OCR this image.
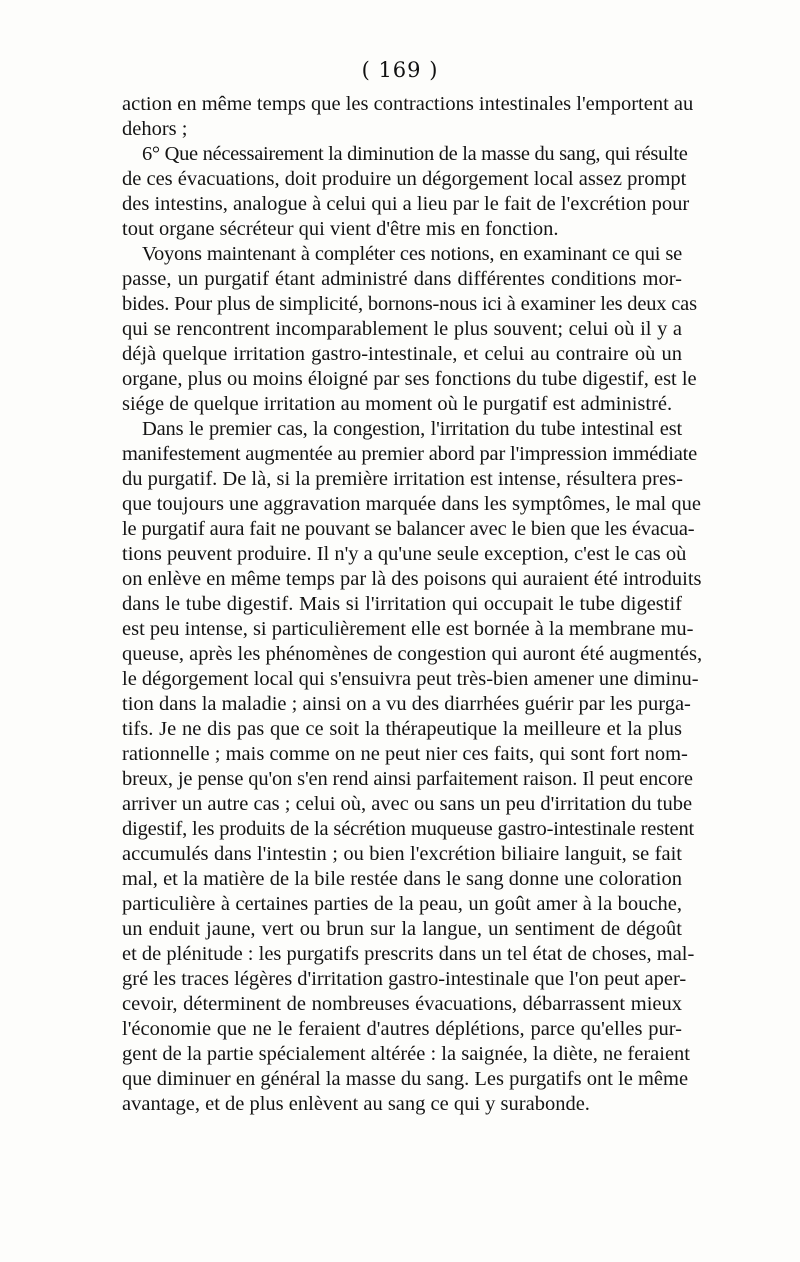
( 169 )
action en même temps que les contractions intestinales l'emportent au
dehors ;
6° Que nécessairement la diminution de la masse du sang, qui résulte
de ces évacuations, doit produire un dégorgement local assez prompt
des intestins, analogue à celui qui a lieu par le fait de l'excrétion pour
tout organe sécréteur qui vient d'être mis en fonction.
Voyons maintenant à compléter ces notions, en examinant ce qui se
passe, un purgatif étant administré dans différentes conditions mor-
bides. Pour plus de simplicité, bornons-nous ici à examiner les deux cas
qui se rencontrent incomparablement le plus souvent; celui où il y a
déjà quelque irritation gastro-intestinale, et celui au contraire où un
organe, plus ou moins éloigné par ses fonctions du tube digestif, est le
siége de quelque irritation au moment où le purgatif est administré.
Dans le premier cas, la congestion, l'irritation du tube intestinal est
manifestement augmentée au premier abord par l'impression immédiate
du purgatif. De là, si la première irritation est intense, résultera pres-
que toujours une aggravation marquée dans les symptômes, le mal que
le purgatif aura fait ne pouvant se balancer avec le bien que les évacua-
tions peuvent produire. Il n'y a qu'une seule exception, c'est le cas où
on enlève en même temps par là des poisons qui auraient été introduits
dans le tube digestif. Mais si l'irritation qui occupait le tube digestif
est peu intense, si particulièrement elle est bornée à la membrane mu-
queuse, après les phénomènes de congestion qui auront été augmentés,
le dégorgement local qui s'ensuivra peut très-bien amener une diminu-
tion dans la maladie ; ainsi on a vu des diarrhées guérir par les purga-
tifs. Je ne dis pas que ce soit la thérapeutique la meilleure et la plus
rationnelle ; mais comme on ne peut nier ces faits, qui sont fort nom-
breux, je pense qu'on s'en rend ainsi parfaitement raison. Il peut encore
arriver un autre cas ; celui où, avec ou sans un peu d'irritation du tube
digestif, les produits de la sécrétion muqueuse gastro-intestinale restent
accumulés dans l'intestin ; ou bien l'excrétion biliaire languit, se fait
mal, et la matière de la bile restée dans le sang donne une coloration
particulière à certaines parties de la peau, un goût amer à la bouche,
un enduit jaune, vert ou brun sur la langue, un sentiment de dégoût
et de plénitude : les purgatifs prescrits dans un tel état de choses, mal-
gré les traces légères d'irritation gastro-intestinale que l'on peut aper-
cevoir, déterminent de nombreuses évacuations, débarrassent mieux
l'économie que ne le feraient d'autres déplétions, parce qu'elles pur-
gent de la partie spécialement altérée : la saignée, la diète, ne feraient
que diminuer en général la masse du sang. Les purgatifs ont le même
avantage, et de plus enlèvent au sang ce qui y surabonde.
